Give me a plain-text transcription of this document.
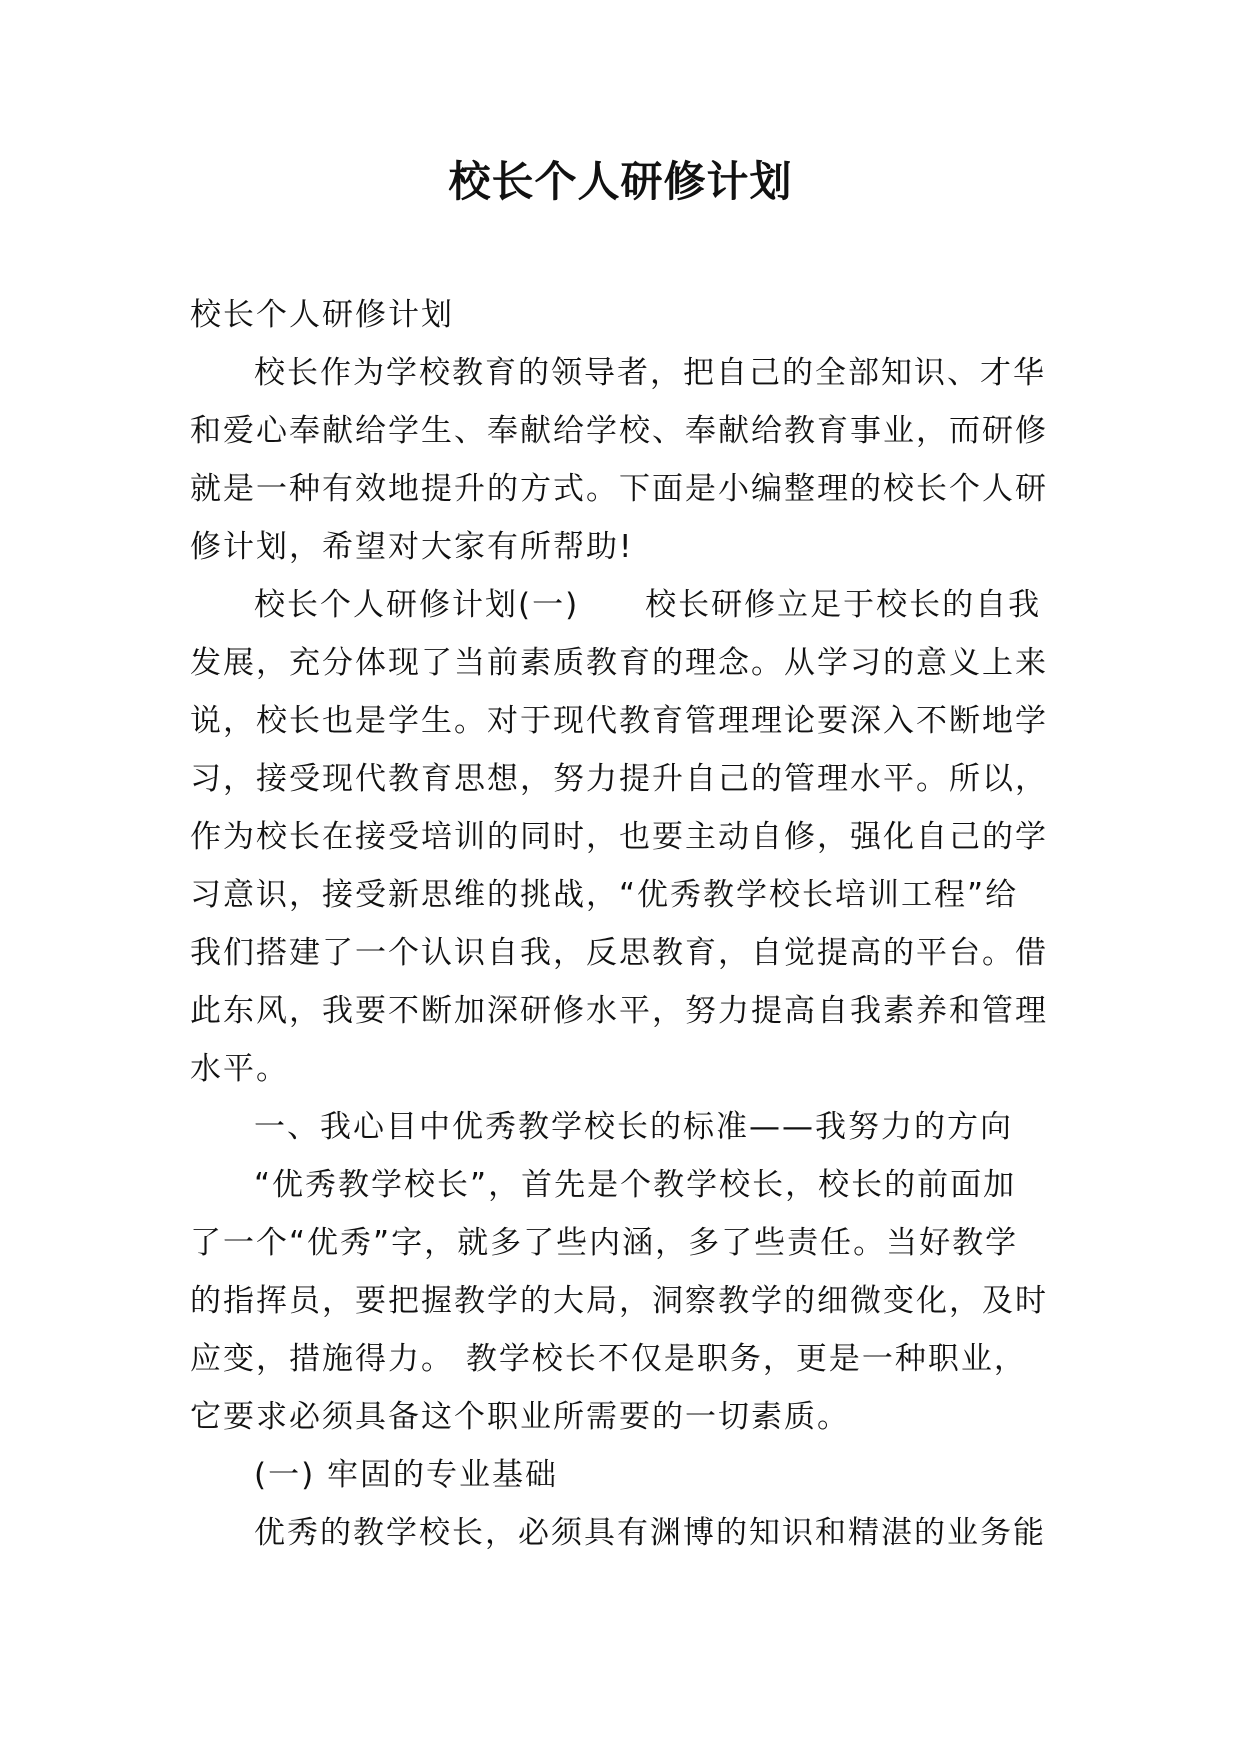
校长个人研修计划

校长个人研修计划

校长作为学校教育的领导者，把自己的全部知识、才华

和爱心奉献给学生、奉献给学校、奉献给教育事业，而研修

就是一种有效地提升的方式。下面是小编整理的校长个人研

修计划，希望对大家有所帮助!

校长个人研修计划(一)　　校长研修立足于校长的自我

发展，充分体现了当前素质教育的理念。从学习的意义上来

说，校长也是学生。对于现代教育管理理论要深入不断地学

习，接受现代教育思想，努力提升自己的管理水平。所以，

作为校长在接受培训的同时，也要主动自修，强化自己的学

习意识，接受新思维的挑战，“优秀教学校长培训工程”给

我们搭建了一个认识自我，反思教育，自觉提高的平台。借

此东风，我要不断加深研修水平，努力提高自我素养和管理

水平。

一、我心目中优秀教学校长的标准——我努力的方向

“优秀教学校长”，首先是个教学校长，校长的前面加

了一个“优秀”字，就多了些内涵，多了些责任。当好教学

的指挥员，要把握教学的大局，洞察教学的细微变化，及时

应变，措施得力。 教学校长不仅是职务，更是一种职业，

它要求必须具备这个职业所需要的一切素质。

(一) 牢固的专业基础

优秀的教学校长，必须具有渊博的知识和精湛的业务能
